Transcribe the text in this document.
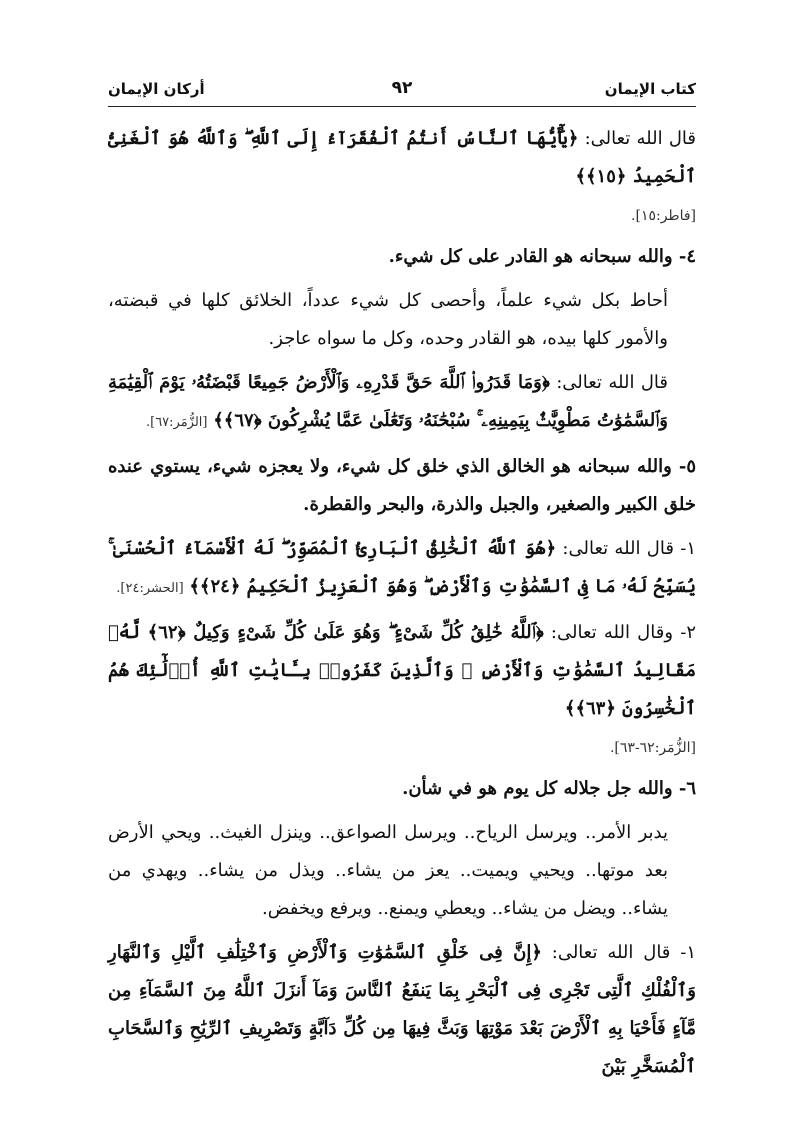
كتاب الإيمان
٩٢
أركان الإيمان

قال الله تعالى: ﴿يَٰٓأَيُّهَا ٱلنَّاسُ أَنتُمُ ٱلْفُقَرَآءُ إِلَى ٱللَّهِ ۖ وَٱللَّهُ هُوَ ٱلْغَنِىُّ ٱلْحَمِيدُ ﴿١٥﴾﴾

[فاطر:١٥].

٤- والله سبحانه هو القادر على كل شيء.

أحاط بكل شيء علماً، وأحصى كل شيء عدداً، الخلائق كلها في قبضته، والأمور كلها بيده، هو القادر وحده، وكل ما سواه عاجز.

قال الله تعالى: ﴿وَمَا قَدَرُوا۟ ٱللَّهَ حَقَّ قَدْرِهِۦ وَٱلْأَرْضُ جَمِيعًا قَبْضَتُهُۥ يَوْمَ ٱلْقِيَٰمَةِ وَٱلسَّمَٰوَٰتُ مَطْوِيَّٰتٌۢ بِيَمِينِهِۦ ۚ سُبْحَٰنَهُۥ وَتَعَٰلَىٰ عَمَّا يُشْرِكُونَ ﴿٦٧﴾﴾ [الزُّمَر:٦٧].

٥- والله سبحانه هو الخالق الذي خلق كل شيء، ولا يعجزه شيء، يستوي عنده خلق الكبير والصغير، والجبل والذرة، والبحر والقطرة.

١- قال الله تعالى: ﴿هُوَ ٱللَّهُ ٱلْخَٰلِقُ ٱلْبَارِئُ ٱلْمُصَوِّرُ ۖ لَهُ ٱلْأَسْمَآءُ ٱلْحُسْنَىٰ ۚ يُسَبِّحُ لَهُۥ مَا فِى ٱلسَّمَٰوَٰتِ وَٱلْأَرْضِ ۖ وَهُوَ ٱلْعَزِيزُ ٱلْحَكِيمُ ﴿٢٤﴾﴾ [الحشر:٢٤].

٢- وقال الله تعالى: ﴿ٱللَّهُ خَٰلِقُ كُلِّ شَىْءٍ ۖ وَهُوَ عَلَىٰ كُلِّ شَىْءٍ وَكِيلٌ ﴿٦٢﴾ لَّهُۥ مَقَالِيدُ ٱلسَّمَٰوَٰتِ وَٱلْأَرْضِ ۗ وَٱلَّذِينَ كَفَرُوا۟ بِـَٔايَٰتِ ٱللَّهِ أُو۟لَٰٓئِكَ هُمُ ٱلْخَٰسِرُونَ ﴿٦٣﴾﴾

[الزُّمَر:٦٢-٦٣].

٦- والله جل جلاله كل يوم هو في شأن.

يدبر الأمر.. ويرسل الرياح.. ويرسل الصواعق.. وينزل الغيث.. ويحي الأرض بعد موتها.. ويحيي ويميت.. يعز من يشاء.. ويذل من يشاء.. ويهدي من يشاء.. ويضل من يشاء.. ويعطي ويمنع.. ويرفع ويخفض.

١- قال الله تعالى: ﴿إِنَّ فِى خَلْقِ ٱلسَّمَٰوَٰتِ وَٱلْأَرْضِ وَٱخْتِلَٰفِ ٱلَّيْلِ وَٱلنَّهَارِ وَٱلْفُلْكِ ٱلَّتِى تَجْرِى فِى ٱلْبَحْرِ بِمَا يَنفَعُ ٱلنَّاسَ وَمَآ أَنزَلَ ٱللَّهُ مِنَ ٱلسَّمَآءِ مِن مَّآءٍ فَأَحْيَا بِهِ ٱلْأَرْضَ بَعْدَ مَوْتِهَا وَبَثَّ فِيهَا مِن كُلِّ دَآبَّةٍ وَتَصْرِيفِ ٱلرِّيَٰحِ وَٱلسَّحَابِ ٱلْمُسَخَّرِ بَيْنَ
